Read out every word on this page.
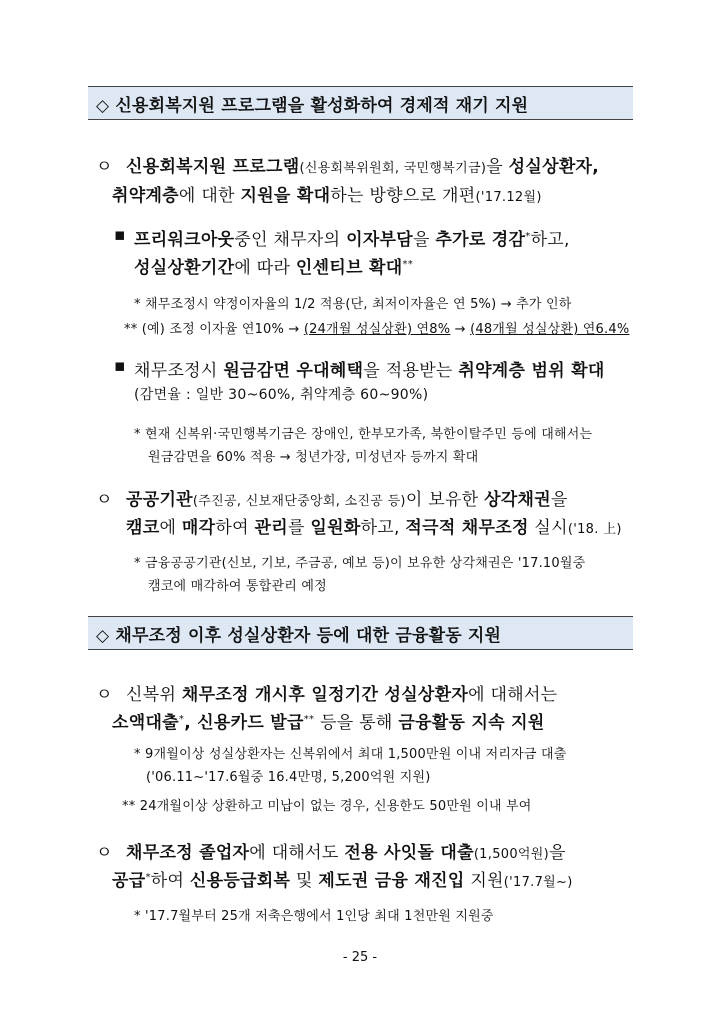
◇ 신용회복지원 프로그램을 활성화하여 경제적 재기 지원
ㅇ 신용회복지원 프로그램(신용회복위원회, 국민행복기금)을 성실상환자,
취약계층에 대한 지원을 확대하는 방향으로 개편('17.12월)
▪ 프리워크아웃중인 채무자의 이자부담을 추가로 경감*하고,
성실상환기간에 따라 인센티브 확대**
* 채무조정시 약정이자율의 1/2 적용(단, 최저이자율은 연 5%) → 추가 인하
** (예) 조정 이자율 연10% → (24개월 성실상환) 연8% → (48개월 성실상환) 연6.4%
▪ 채무조정시 원금감면 우대혜택을 적용받는 취약계층 범위 확대
(감면율 : 일반 30~60%, 취약계층 60~90%)
* 현재 신복위·국민행복기금은 장애인, 한부모가족, 북한이탈주민 등에 대해서는
원금감면을 60% 적용 → 청년가장, 미성년자 등까지 확대
ㅇ 공공기관(주진공, 신보재단중앙회, 소진공 등)이 보유한 상각채권을
캠코에 매각하여 관리를 일원화하고, 적극적 채무조정 실시('18. 上)
* 금융공공기관(신보, 기보, 주금공, 예보 등)이 보유한 상각채권은 '17.10월중
캠코에 매각하여 통합관리 예정
◇ 채무조정 이후 성실상환자 등에 대한 금융활동 지원
ㅇ 신복위 채무조정 개시후 일정기간 성실상환자에 대해서는
소액대출*, 신용카드 발급** 등을 통해 금융활동 지속 지원
* 9개월이상 성실상환자는 신복위에서 최대 1,500만원 이내 저리자금 대출
('06.11~'17.6월중 16.4만명, 5,200억원 지원)
** 24개월이상 상환하고 미납이 없는 경우, 신용한도 50만원 이내 부여
ㅇ 채무조정 졸업자에 대해서도 전용 사잇돌 대출(1,500억원)을
공급*하여 신용등급회복 및 제도권 금융 재진입 지원('17.7월~)
* '17.7월부터 25개 저축은행에서 1인당 최대 1천만원 지원중
- 25 -
